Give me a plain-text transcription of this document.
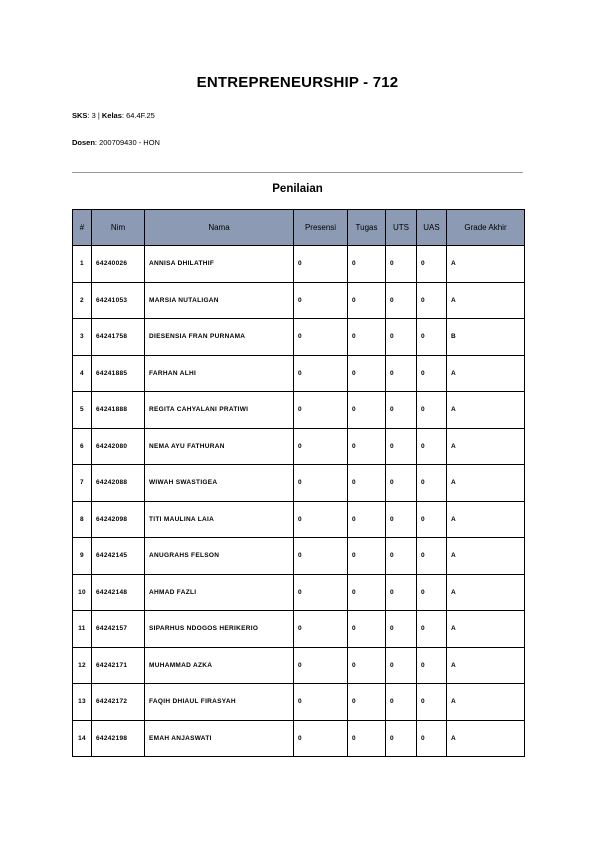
ENTREPRENEURSHIP - 712
SKS: 3 | Kelas: 64.4F.25
Dosen: 200709430 - HON
Penilaian
#	Nim	Nama	Presensi	Tugas	UTS	UAS	Grade Akhir
1	64240026	ANNISA DHILATHIF	0	0	0	0	A
2	64241053	MARSIA NUTALIGAN	0	0	0	0	A
3	64241758	DIESENSIA FRAN PURNAMA	0	0	0	0	B
4	64241885	FARHAN ALHI	0	0	0	0	A
5	64241888	REGITA CAHYALANI PRATIWI	0	0	0	0	A
6	64242080	NEMA AYU FATHURAN	0	0	0	0	A
7	64242088	WIWAH SWASTIGEA	0	0	0	0	A
8	64242098	TITI MAULINA LAIA	0	0	0	0	A
9	64242145	ANUGRAHS FELSON	0	0	0	0	A
10	64242148	AHMAD FAZLI	0	0	0	0	A
11	64242157	SIPARHUS NDOGOS HERIKERIO	0	0	0	0	A
12	64242171	MUHAMMAD AZKA	0	0	0	0	A
13	64242172	FAQIH DHIAUL FIRASYAH	0	0	0	0	A
14	64242198	EMAH ANJASWATI	0	0	0	0	A
